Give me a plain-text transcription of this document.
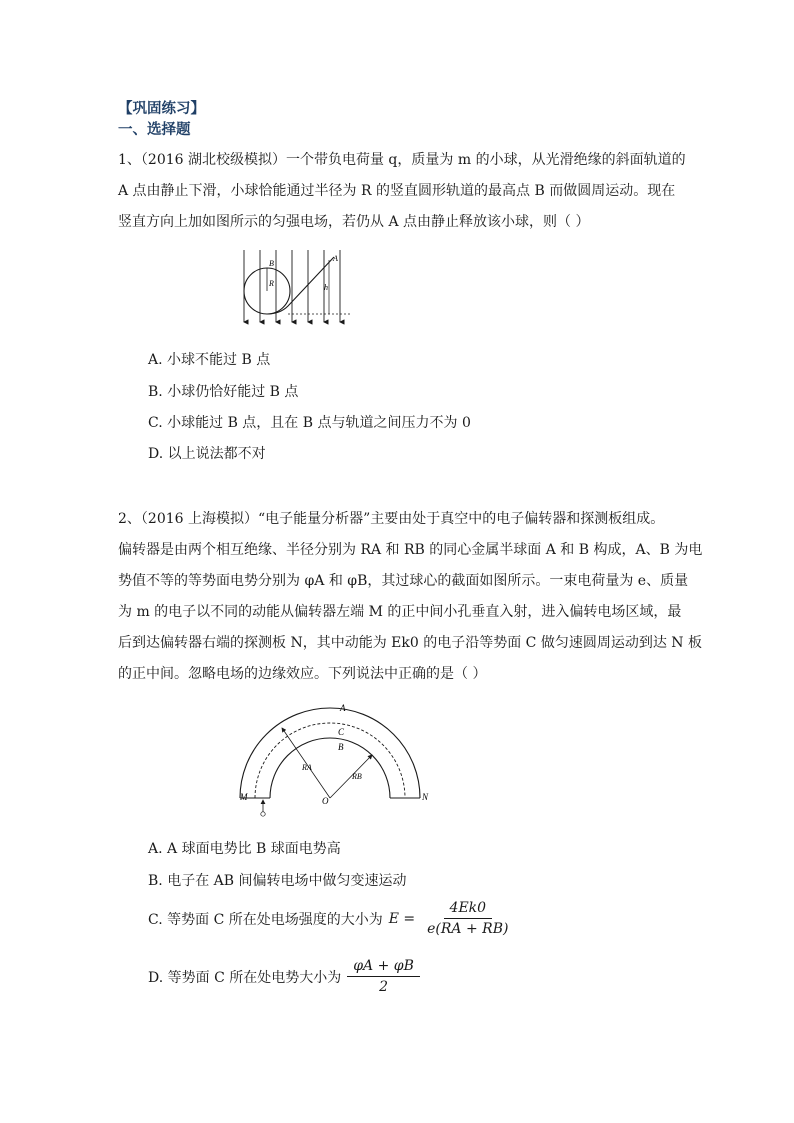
【巩固练习】
一、选择题
1、（2016 湖北校级模拟）一个带负电荷量 q，质量为 m 的小球，从光滑绝缘的斜面轨道的
A 点由静止下滑，小球恰能通过半径为 R 的竖直圆形轨道的最高点 B 而做圆周运动。现在
竖直方向上加如图所示的匀强电场，若仍从 A 点由静止释放该小球，则（ ）
B
R
A
h
A. 小球不能过 B 点
B. 小球仍恰好能过 B 点
C. 小球能过 B 点，且在 B 点与轨道之间压力不为 0
D. 以上说法都不对
2、（2016 上海模拟）“电子能量分析器”主要由处于真空中的电子偏转器和探测板组成。
偏转器是由两个相互绝缘、半径分别为 RA 和 RB 的同心金属半球面 A 和 B 构成，A、B 为电
势值不等的等势面电势分别为 φA 和 φB，其过球心的截面如图所示。一束电荷量为 e、质量
为 m 的电子以不同的动能从偏转器左端 M 的正中间小孔垂直入射，进入偏转电场区域，最
后到达偏转器右端的探测板 N，其中动能为 Ek0 的电子沿等势面 C 做匀速圆周运动到达 N 板
的正中间。忽略电场的边缘效应。下列说法中正确的是（ ）
A
C
B
M	N
O
RA
RB
A. A 球面电势比 B 球面电势高
B. 电子在 AB 间偏转电场中做匀变速运动
C. 等势面 C 所在处电场强度的大小为 $E = \frac{4Ek0}{e(RA + RB)}$
D. 等势面 C 所在处电势大小为 $\frac{\varphi A + \varphi B}{2}$
